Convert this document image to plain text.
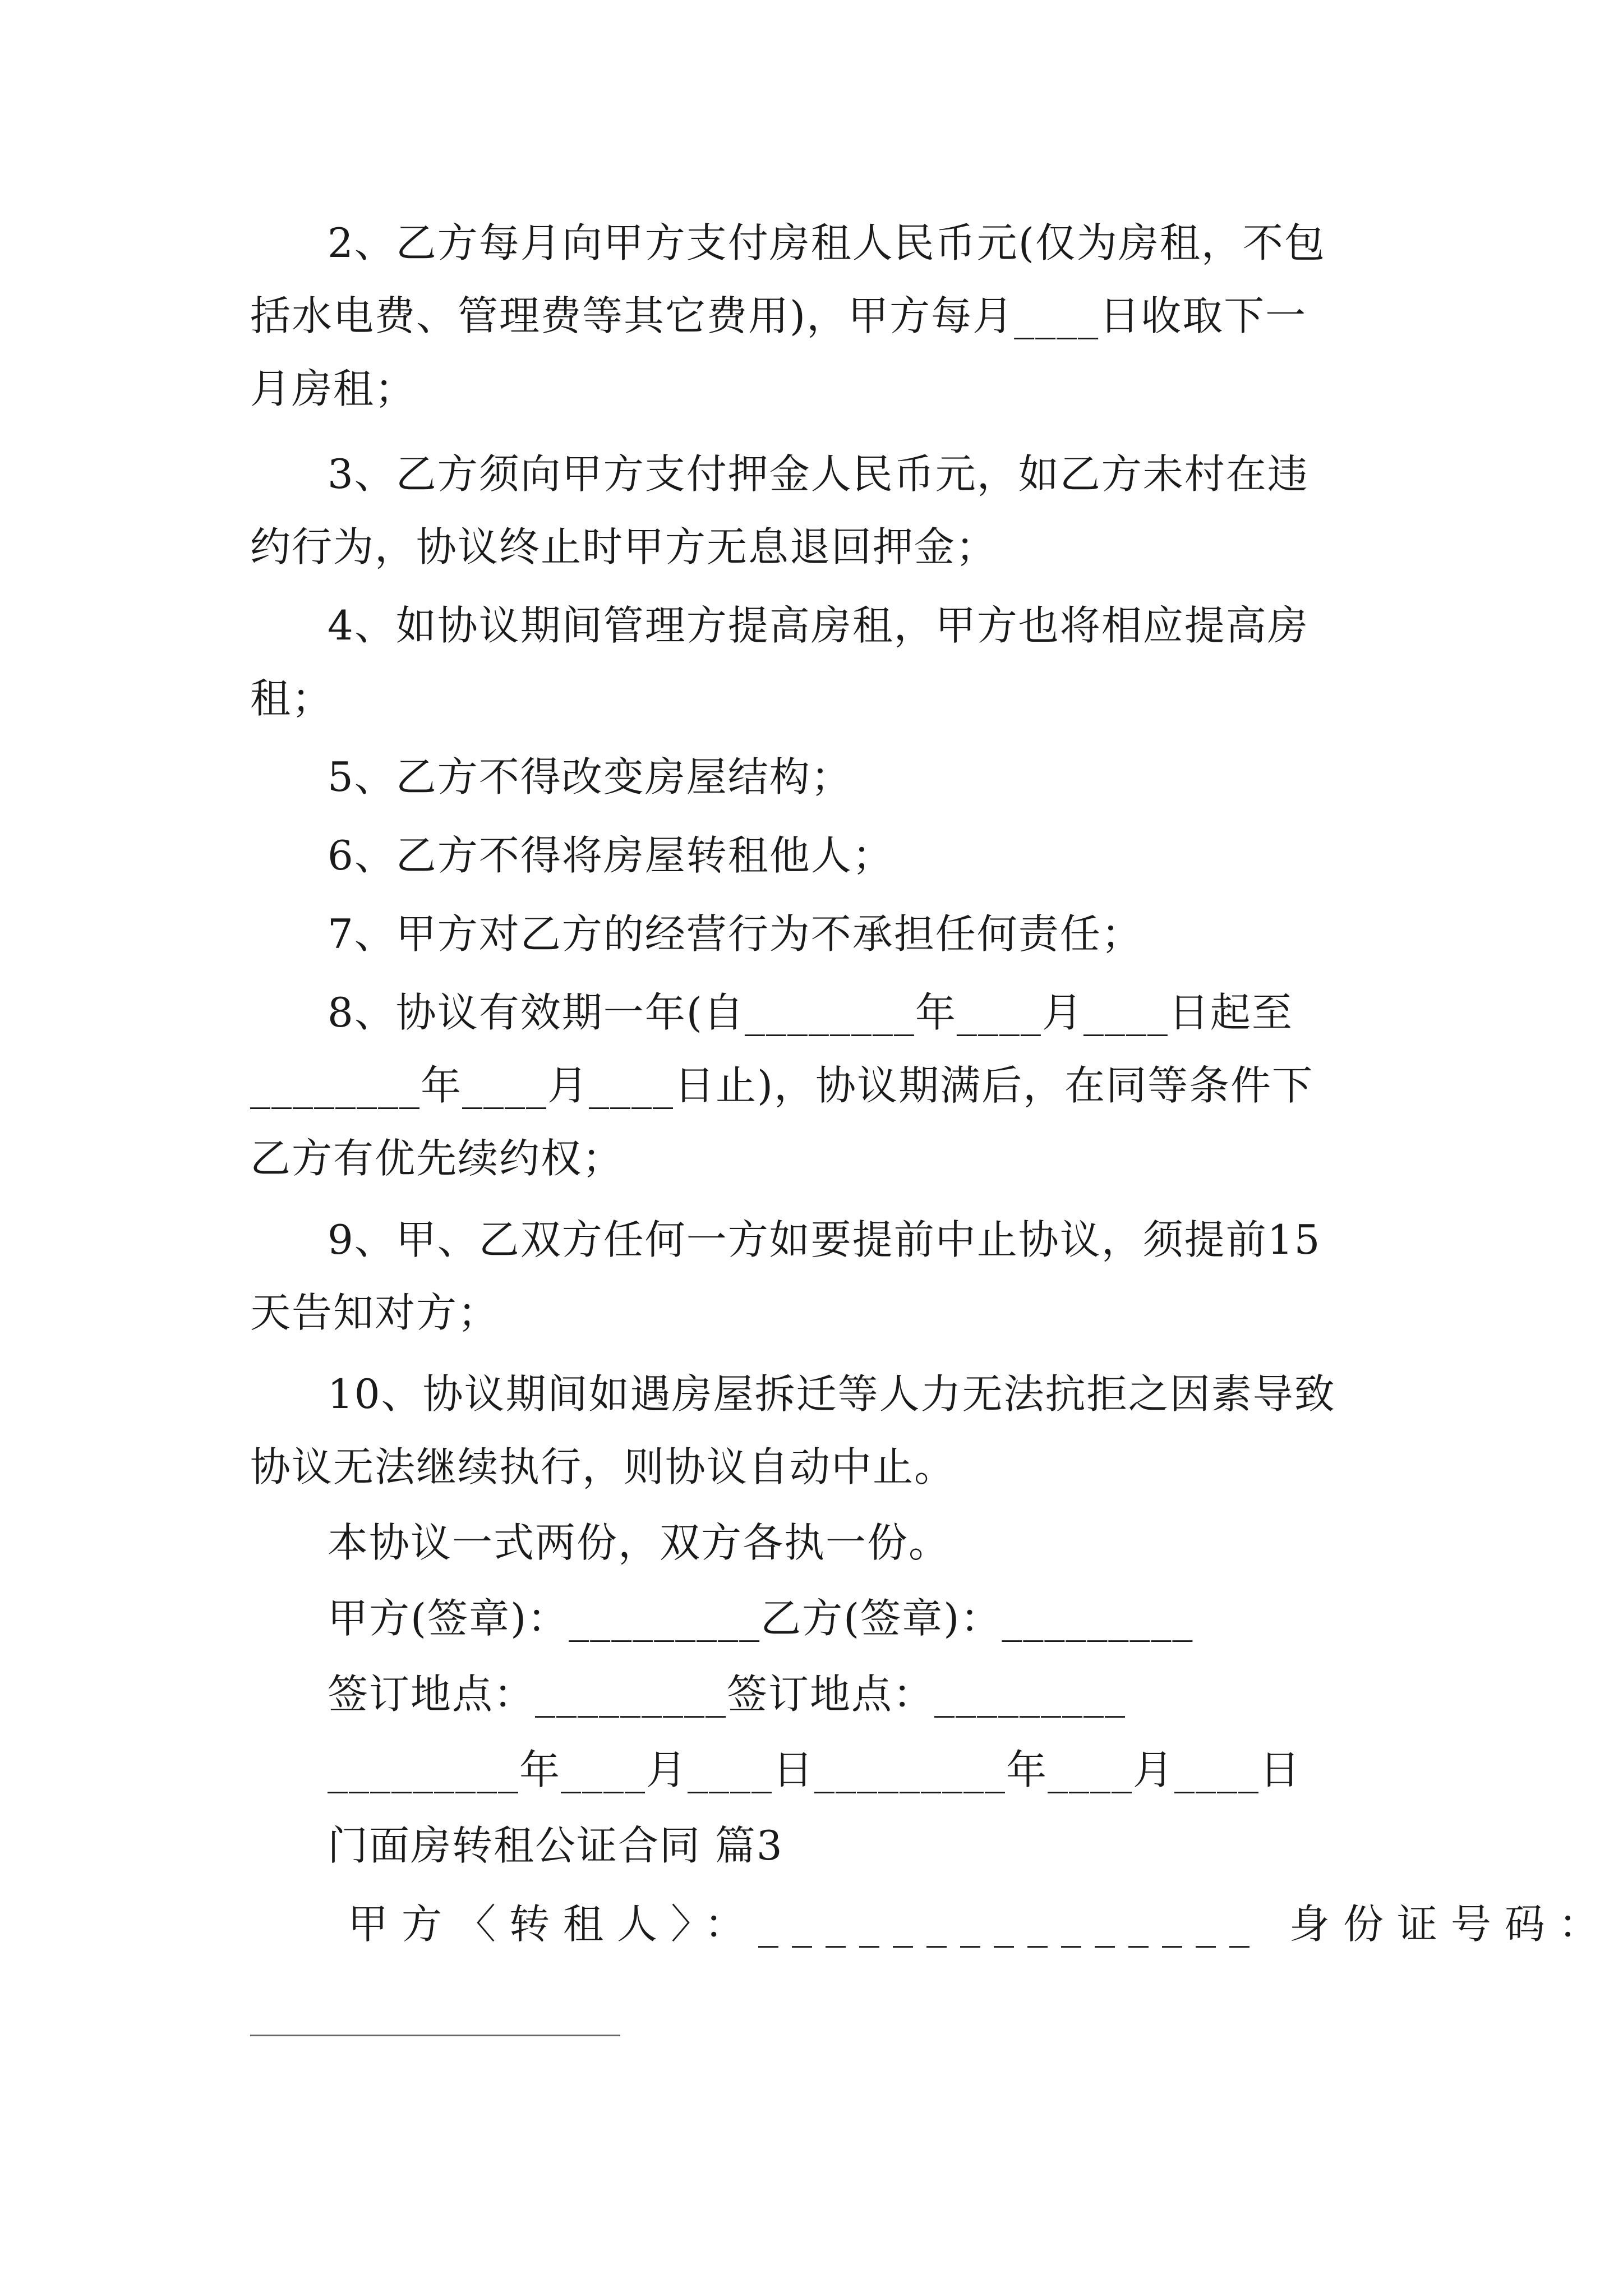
2、乙方每月向甲方支付房租人民币元(仅为房租，不包
括水电费、管理费等其它费用)，甲方每月____日收取下一
月房租；
3、乙方须向甲方支付押金人民币元，如乙方未村在违
约行为，协议终止时甲方无息退回押金；
4、如协议期间管理方提高房租，甲方也将相应提高房
租；
5、乙方不得改变房屋结构；
6、乙方不得将房屋转租他人；
7、甲方对乙方的经营行为不承担任何责任；
8、协议有效期一年(自________年____月____日起至
________年____月____日止)，协议期满后，在同等条件下
乙方有优先续约权；
9、甲、乙双方任何一方如要提前中止协议，须提前15
天告知对方；
10、协议期间如遇房屋拆迁等人力无法抗拒之因素导致
协议无法继续执行，则协议自动中止。
本协议一式两份，双方各执一份。
甲方(签章)：_________乙方(签章)：_________
签订地点：_________签订地点：_________
_________年____月____日_________年____月____日
门面房转租公证合同 篇3
甲方〈转租人〉：_______________ 身份证号码：
